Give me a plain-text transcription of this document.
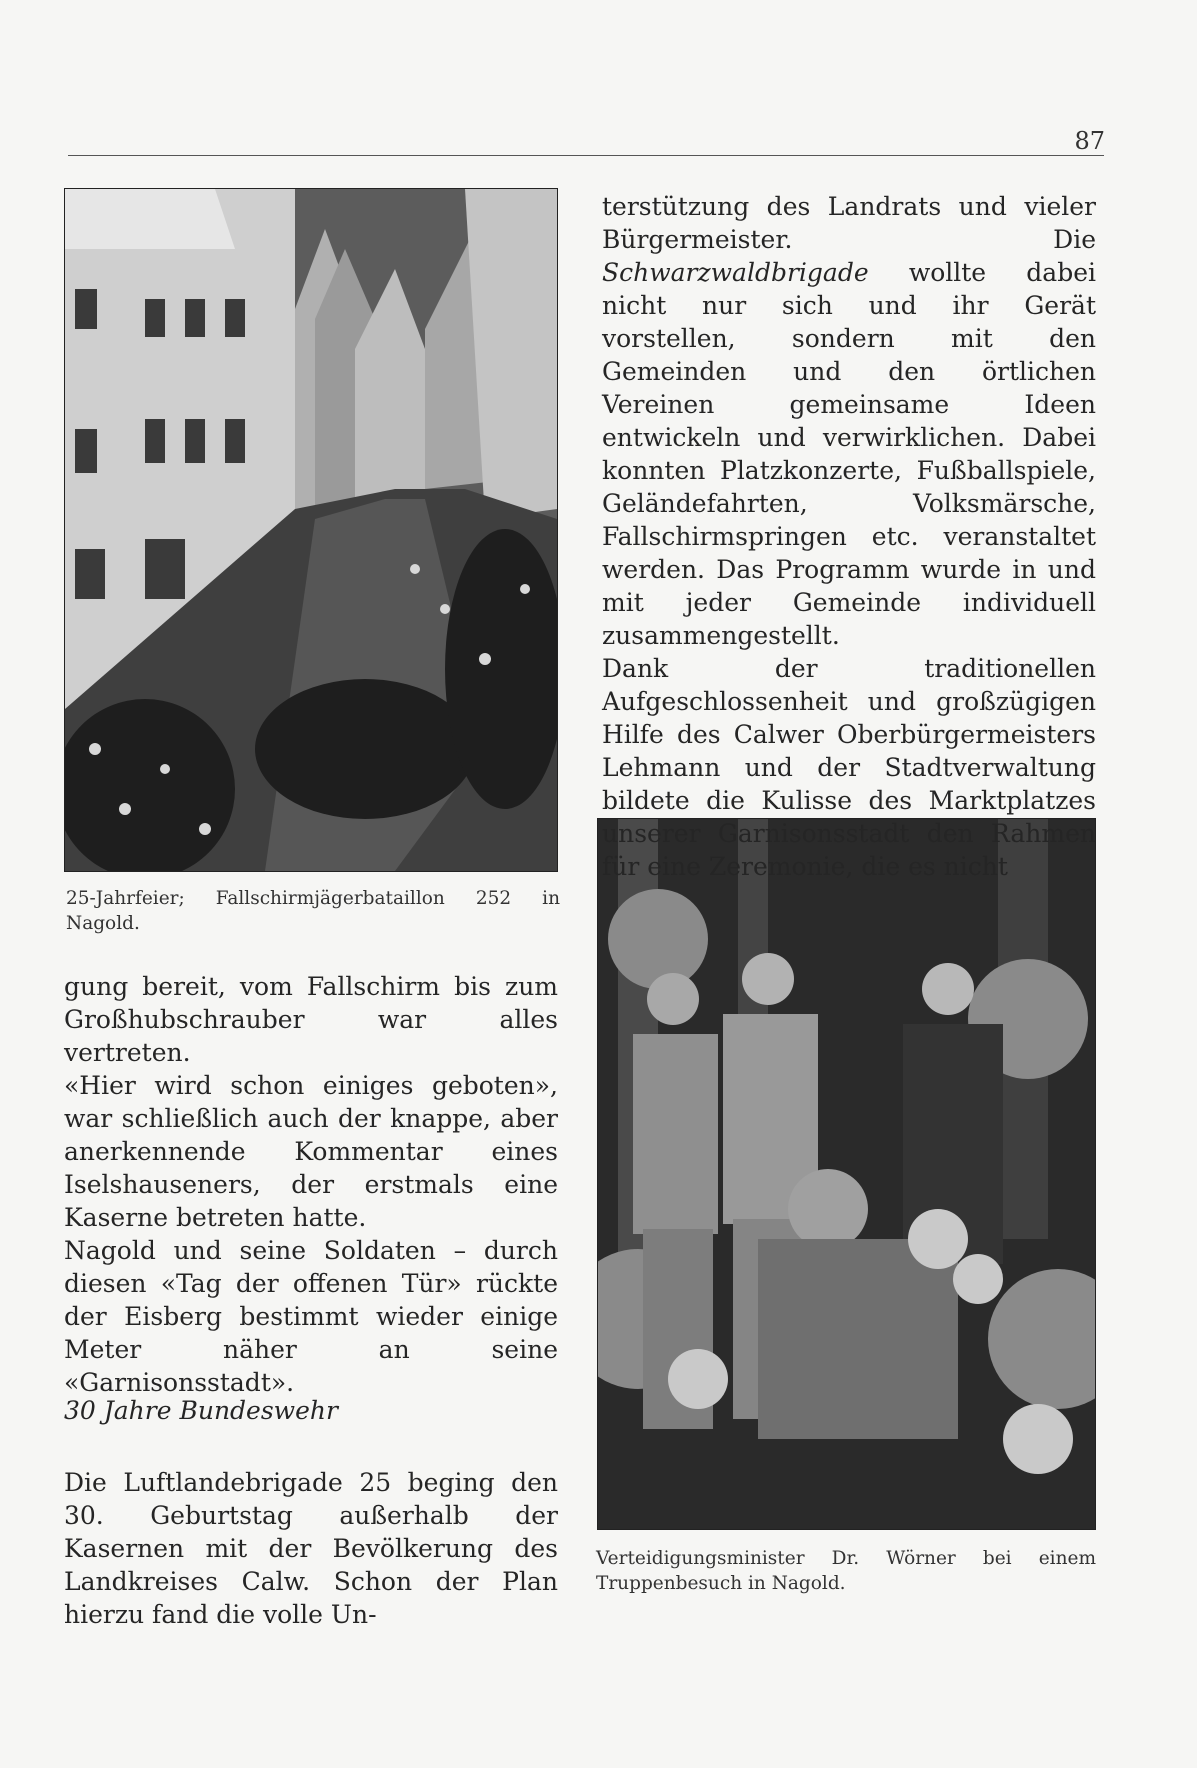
87
25-Jahrfeier; Fallschirmjägerbataillon 252 in Nagold.
Verteidigungsminister Dr. Wörner bei einem Truppenbesuch in Nagold.

terstützung des Landrats und vieler Bürgermeister. Die Schwarzwaldbrigade wollte dabei nicht nur sich und ihr Gerät vorstellen, sondern mit den Gemeinden und den örtlichen Vereinen gemeinsame Ideen entwickeln und verwirklichen. Dabei konnten Platzkonzerte, Fußballspiele, Geländefahrten, Volksmärsche, Fallschirmspringen etc. veranstaltet werden. Das Programm wurde in und mit jeder Gemeinde individuell zusammengestellt.

Dank der traditionellen Aufgeschlossenheit und großzügigen Hilfe des Calwer Oberbürgermeisters Lehmann und der Stadtverwaltung bildete die Kulisse des Marktplatzes unserer Garnisonsstadt den Rahmen für eine Zeremonie, die es nicht

gung bereit, vom Fallschirm bis zum Großhubschrauber war alles vertreten.

«Hier wird schon einiges geboten», war schließlich auch der knappe, aber anerkennende Kommentar eines Iselshauseners, der erstmals eine Kaserne betreten hatte.

Nagold und seine Soldaten – durch diesen «Tag der offenen Tür» rückte der Eisberg bestimmt wieder einige Meter näher an seine «Garnisonsstadt».

30 Jahre Bundeswehr

Die Luftlandebrigade 25 beging den 30. Geburtstag außerhalb der Kasernen mit der Bevölkerung des Landkreises Calw. Schon der Plan hierzu fand die volle Un-
